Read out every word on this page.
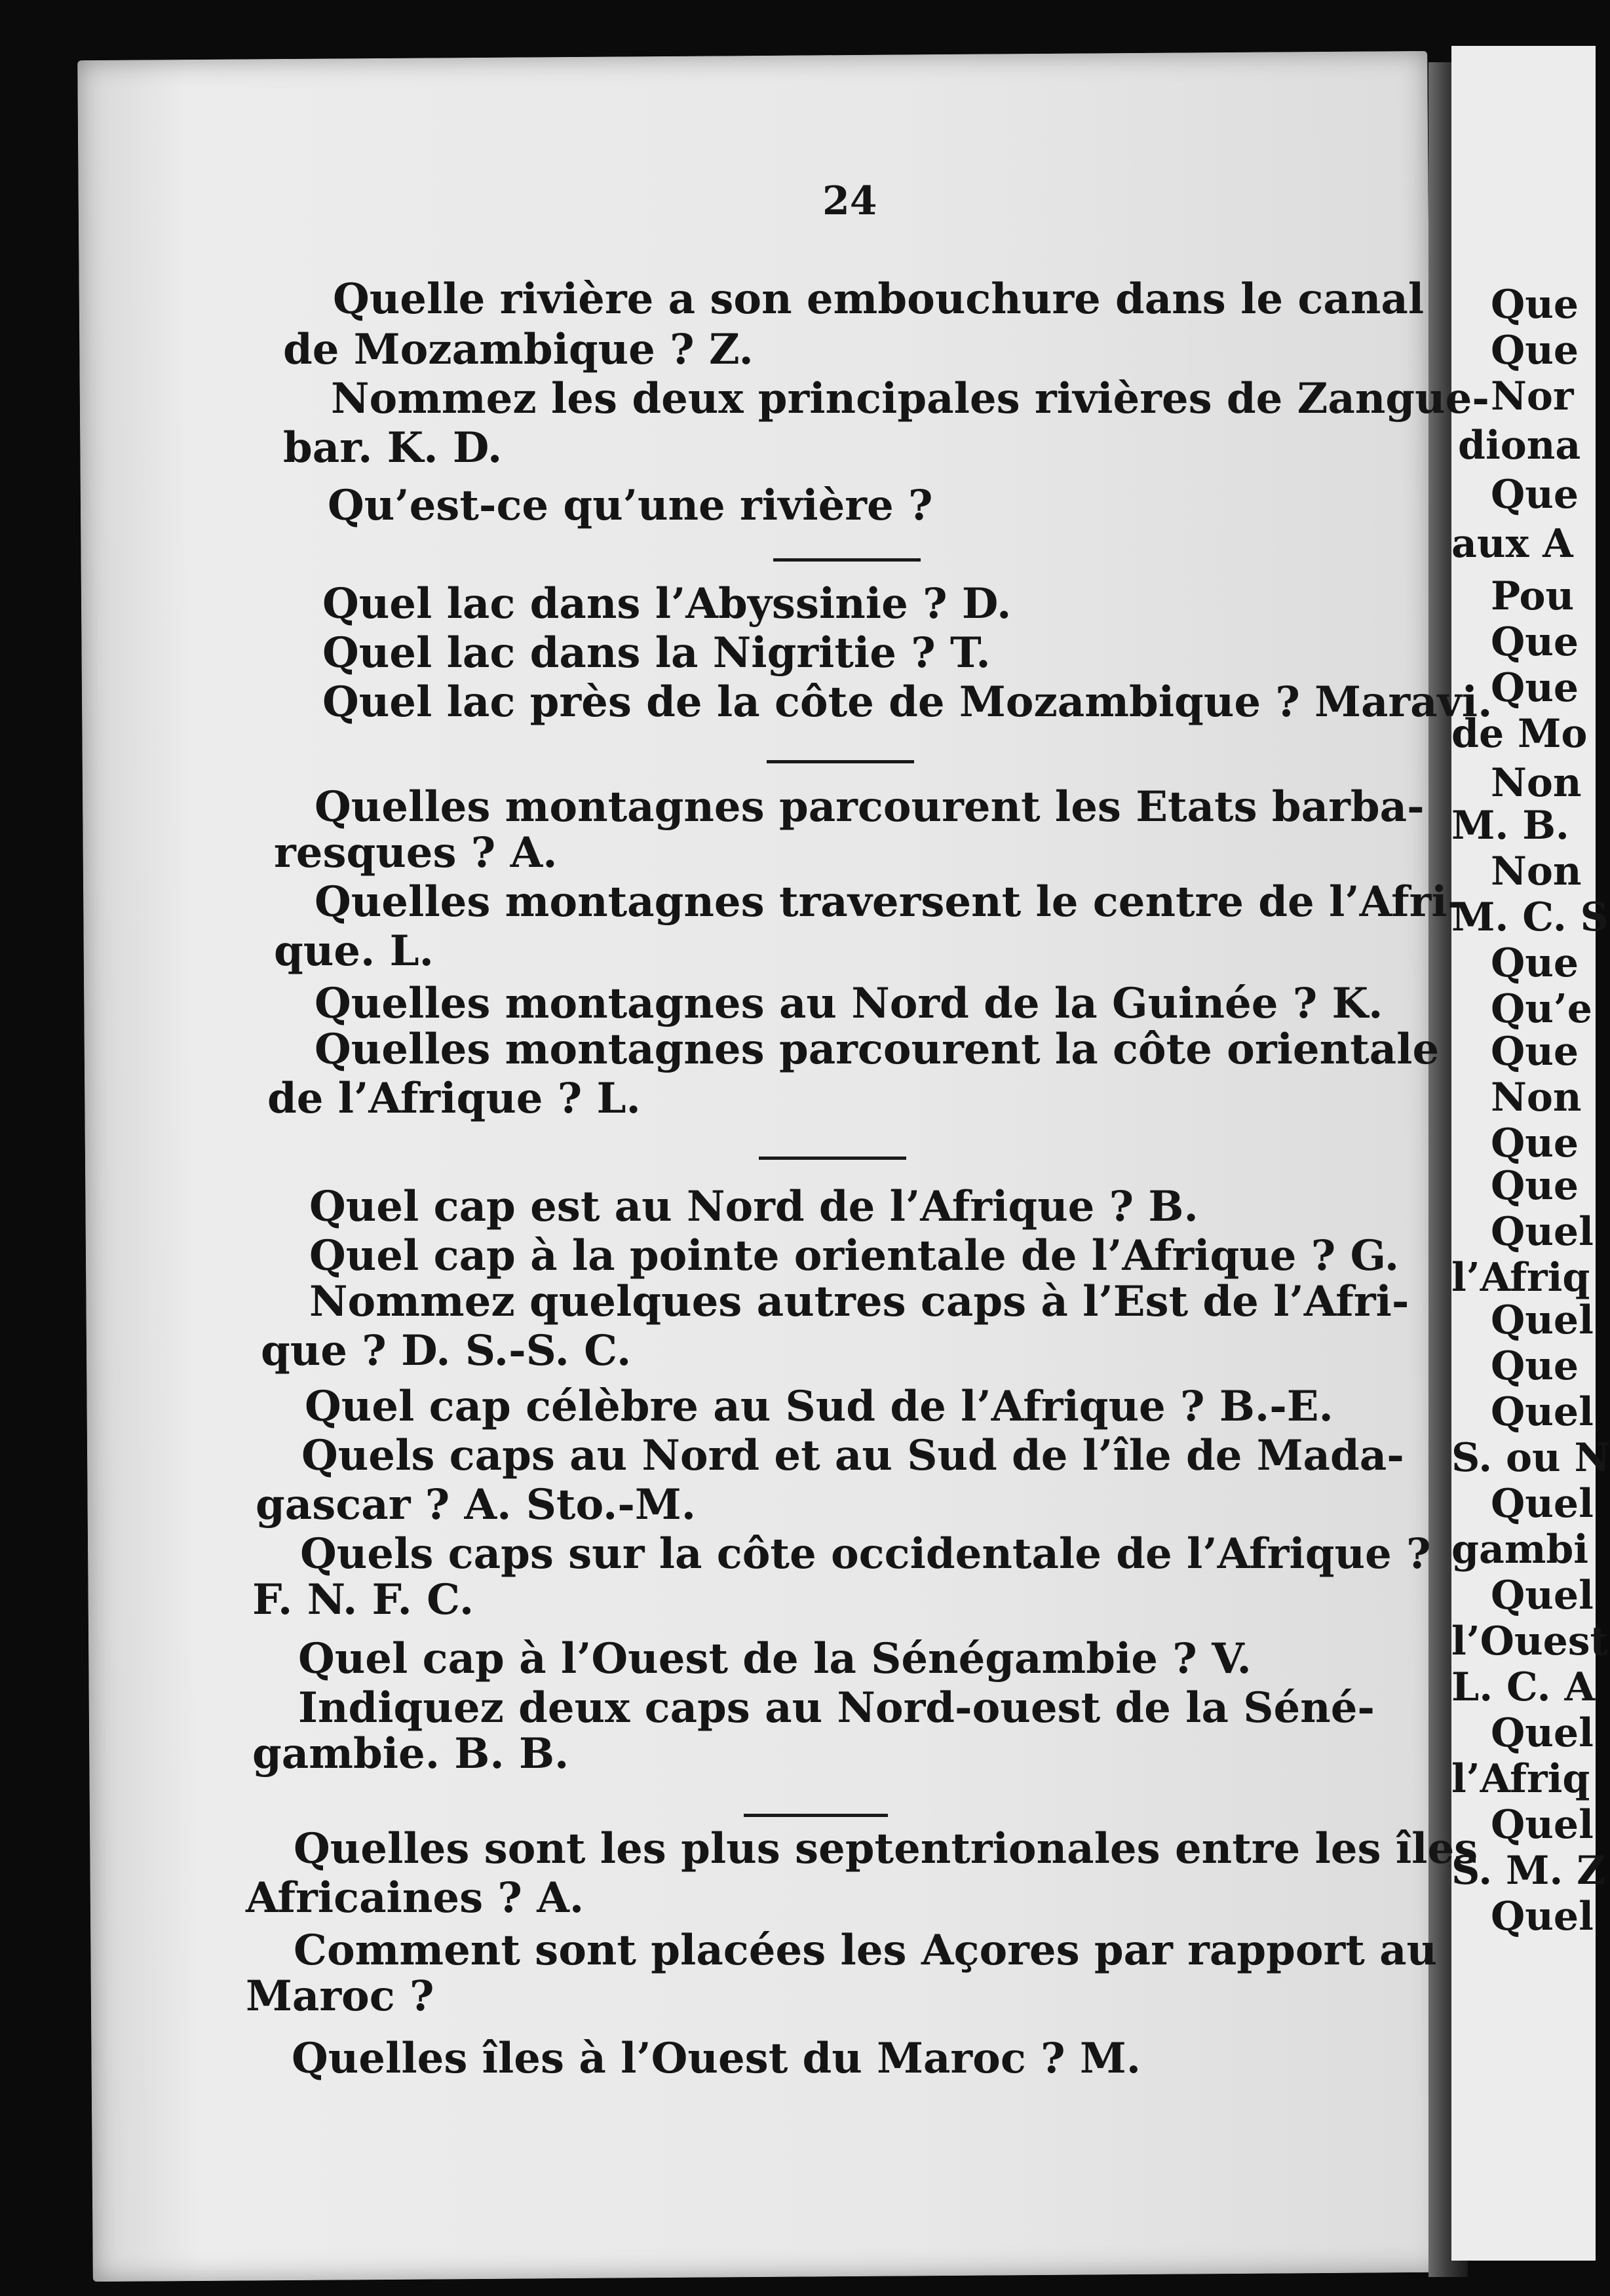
Que
Que
Nor
diona
Que
aux A
Pou
Que
Que
de Mo
Non
M. B.
Non
M. C. S
Que
Qu’e
Que
Non
Que
Que
Quel
l’Afriq
Quel
Que
Quel
S. ou N
Quel
gambi
Quel
l’Ouest
L. C. A
Quel
l’Afriq
Quel
S. M. Z
Quel
24
Quelle rivière a son embouchure dans le canal
de Mozambique ? Z.
Nommez les deux principales rivières de Zangue-
bar. K. D.
Qu’est-ce qu’une rivière ?
Quel lac dans l’Abyssinie ? D.
Quel lac dans la Nigritie ? T.
Quel lac près de la côte de Mozambique ? Maravi.
Quelles montagnes parcourent les Etats barba-
resques ? A.
Quelles montagnes traversent le centre de l’Afri-
que. L.
Quelles montagnes au Nord de la Guinée ? K.
Quelles montagnes parcourent la côte orientale
de l’Afrique ? L.
Quel cap est au Nord de l’Afrique ? B.
Quel cap à la pointe orientale de l’Afrique ? G.
Nommez quelques autres caps à l’Est de l’Afri-
que ? D. S.-S. C.
Quel cap célèbre au Sud de l’Afrique ? B.-E.
Quels caps au Nord et au Sud de l’île de Mada-
gascar ? A. Sto.-M.
Quels caps sur la côte occidentale de l’Afrique ?
F. N. F. C.
Quel cap à l’Ouest de la Sénégambie ? V.
Indiquez deux caps au Nord-ouest de la Séné-
gambie. B. B.
Quelles sont les plus septentrionales entre les îles
Africaines ? A.
Comment sont placées les Açores par rapport au
Maroc ?
Quelles îles à l’Ouest du Maroc ? M.
